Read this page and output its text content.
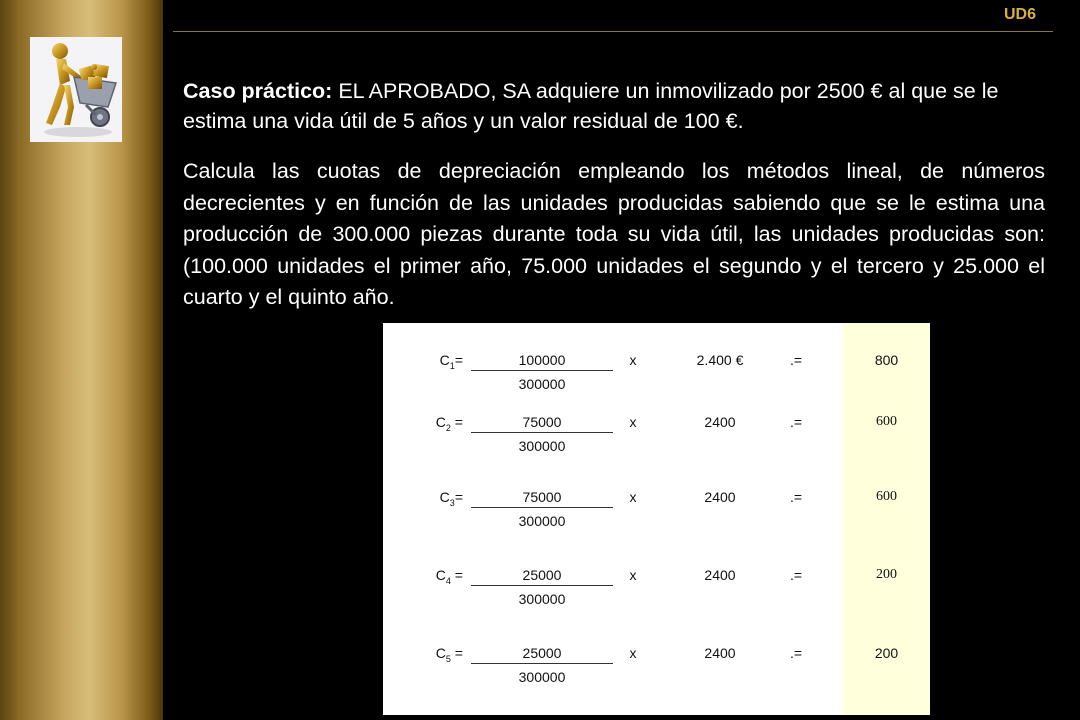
UD6
Caso práctico: EL APROBADO, SA adquiere un inmovilizado por 2500 € al que se le estima una vida útil de 5 años y un valor residual de 100 €.
Calcula las cuotas de depreciación empleando los métodos lineal, de números decrecientes y en función de las unidades producidas sabiendo que se le estima una producción de 300.000 piezas durante toda su vida útil, las unidades producidas son: (100.000 unidades el primer año, 75.000 unidades el segundo y el tercero y 25.000 el cuarto y el quinto año.
$C_1=$	100000
300000
x	2.400 €	.=	800
$C_2$ =	75000
300000
x	2400	.=	600
$C_3=$	75000
300000
x	2400	.=	600
$C_4$ =	25000
300000
x	2400	.=	200
$C_5$ =	25000
300000
x	2400	.=	200
